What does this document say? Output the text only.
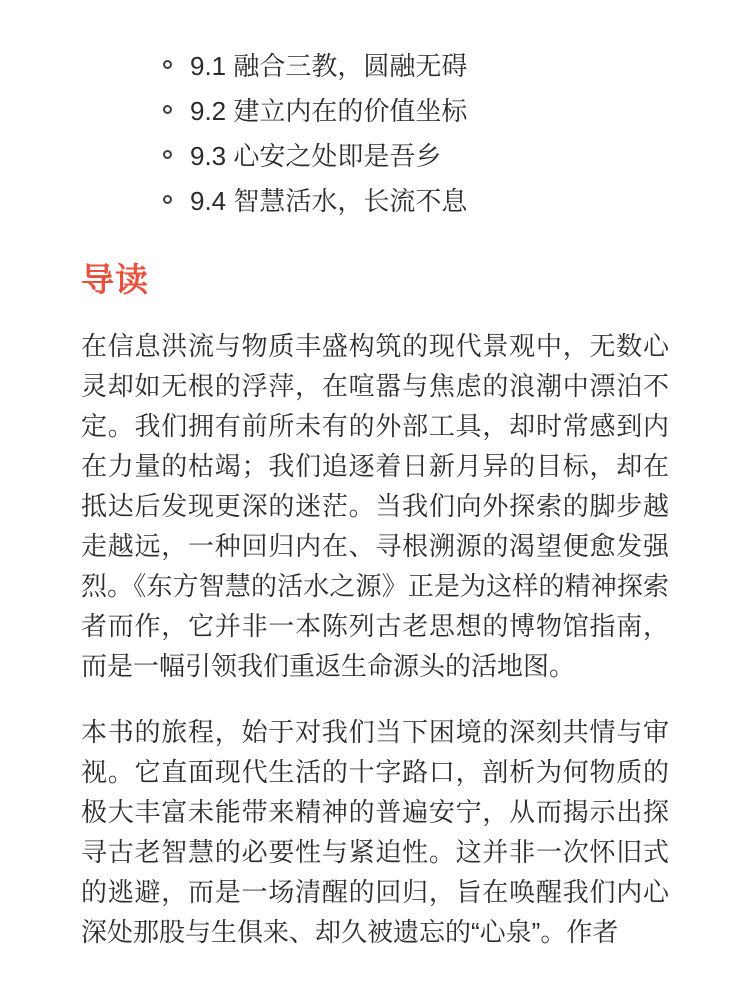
9.1 融合三教，圆融无碍
9.2 建立内在的价值坐标
9.3 心安之处即是吾乡
9.4 智慧活水，长流不息
导读

在信息洪流与物质丰盛构筑的现代景观中，无数心灵却如无根的浮萍，在喧嚣与焦虑的浪潮中漂泊不定。我们拥有前所未有的外部工具，却时常感到内在力量的枯竭；我们追逐着日新月异的目标，却在抵达后发现更深的迷茫。当我们向外探索的脚步越走越远，一种回归内在、寻根溯源的渴望便愈发强烈。《东方智慧的活水之源》正是为这样的精神探索者而作，它并非一本陈列古老思想的博物馆指南，而是一幅引领我们重返生命源头的活地图。

本书的旅程，始于对我们当下困境的深刻共情与审视。它直面现代生活的十字路口，剖析为何物质的极大丰富未能带来精神的普遍安宁，从而揭示出探寻古老智慧的必要性与紧迫性。这并非一次怀旧式的逃避，而是一场清醒的回归，旨在唤醒我们内心深处那股与生俱来、却久被遗忘的“心泉”。作者
